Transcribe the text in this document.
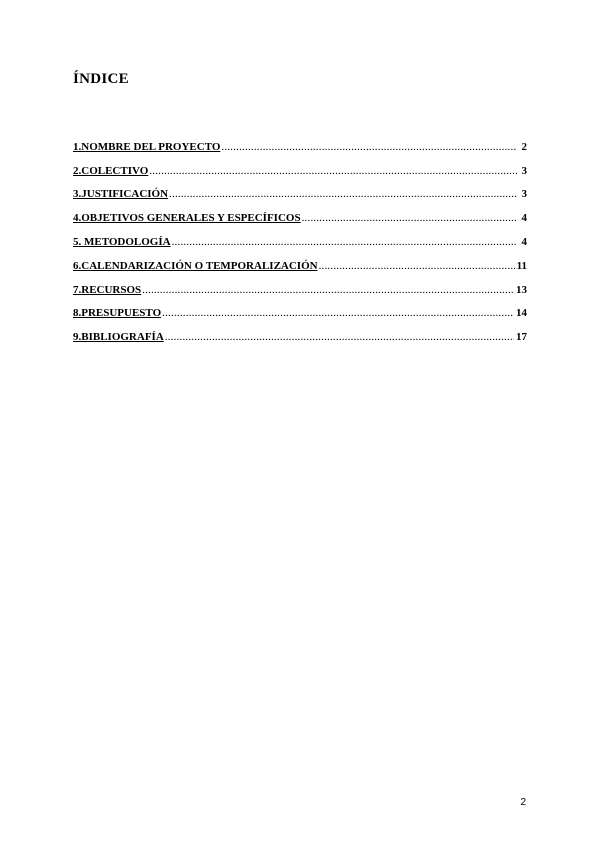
ÍNDICE
1.NOMBRE DEL PROYECTO .....	2
2.COLECTIVO .....	3
3.JUSTIFICACIÓN .....	3
4.OBJETIVOS GENERALES Y ESPECÍFICOS .....	4
5. METODOLOGÍA .....	4
6.CALENDARIZACIÓN O TEMPORALIZACIÓN .....	11
7.RECURSOS .....	13
8.PRESUPUESTO .....	14
9.BIBLIOGRAFÍA .....	17
2
